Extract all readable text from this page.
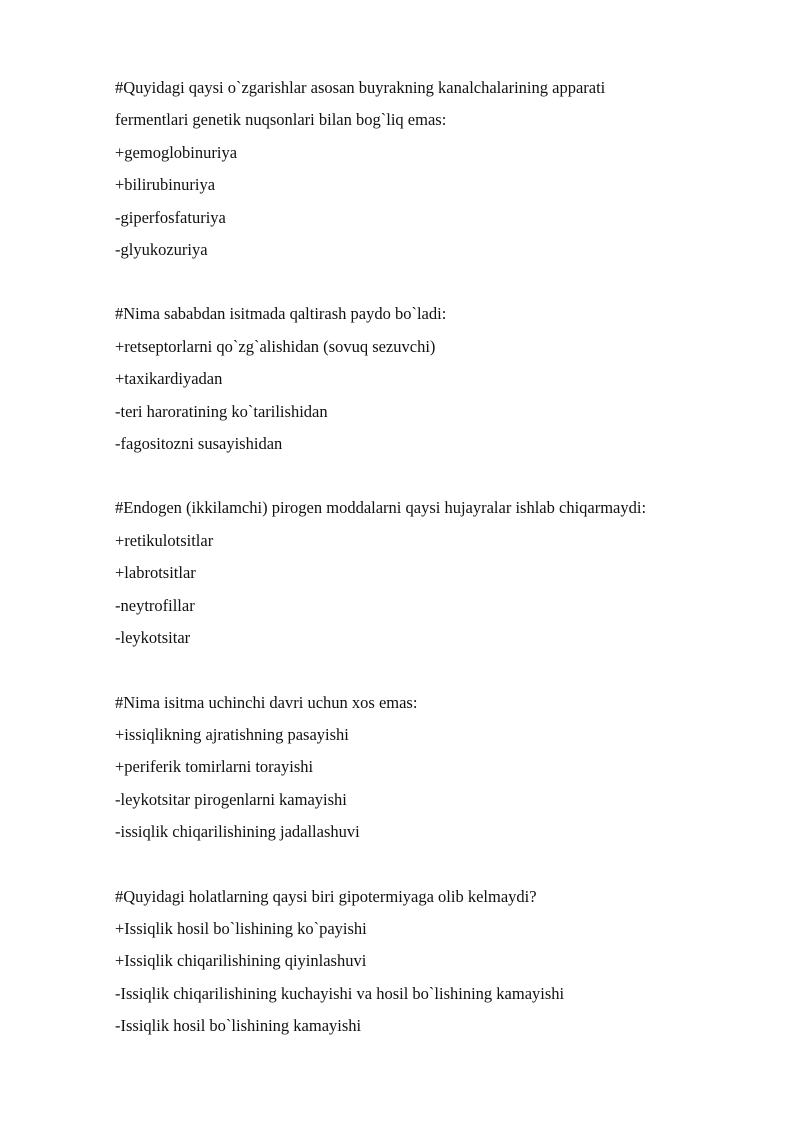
#Quyidagi qaysi o`zgarishlar asosan buyrakning kanalchalarining apparati
fermentlari genetik nuqsonlari bilan bog`liq emas:
+gemoglobinuriya
+bilirubinuriya
-giperfosfaturiya
-glyukozuriya
#Nima sababdan isitmada qaltirash paydo bo`ladi:
+retseptorlarni qo`zg`alishidan (sovuq sezuvchi)
+taxikardiyadan
-teri haroratining ko`tarilishidan
-fagositozni susayishidan
#Endogen (ikkilamchi) pirogen moddalarni qaysi hujayralar ishlab chiqarmaydi:
+retikulotsitlar
+labrotsitlar
-neytrofillar
-leykotsitar
#Nima isitma uchinchi davri uchun xos emas:
+issiqlikning ajratishning pasayishi
+periferik tomirlarni torayishi
-leykotsitar pirogenlarni kamayishi
-issiqlik chiqarilishining jadallashuvi
#Quyidagi holatlarning qaysi biri gipotermiyaga olib kelmaydi?
+Issiqlik hosil bo`lishining ko`payishi
+Issiqlik chiqarilishining qiyinlashuvi
-Issiqlik chiqarilishining kuchayishi va hosil bo`lishining kamayishi
-Issiqlik hosil bo`lishining kamayishi
